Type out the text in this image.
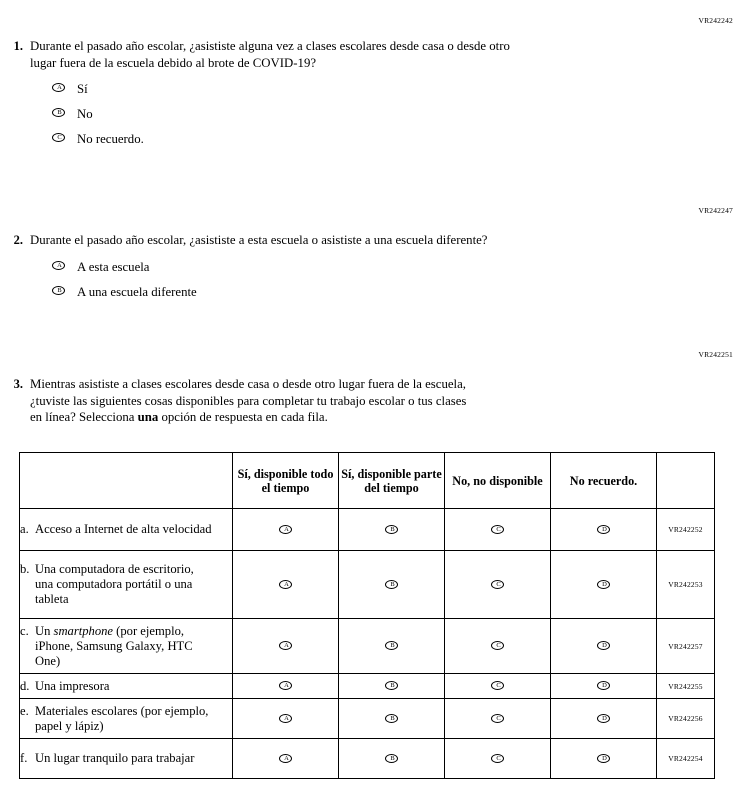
VR242242
1. Durante el pasado año escolar, ¿asististe alguna vez a clases escolares desde casa o desde otro
lugar fuera de la escuela debido al brote de COVID-19?
A	Sí
B	No
C	No recuerdo.
VR242247
2. Durante el pasado año escolar, ¿asististe a esta escuela o asististe a una escuela diferente?
A	A esta escuela
B	A una escuela diferente
VR242251
3. Mientras asististe a clases escolares desde casa o desde otro lugar fuera de la escuela,
¿tuviste las siguientes cosas disponibles para completar tu trabajo escolar o tus clases
en línea? Selecciona una opción de respuesta en cada fila.
	Sí, disponible todo el tiempo	Sí, disponible parte del tiempo	No, no disponible	No recuerdo.	
a. Acceso a Internet de alta velocidad	A	B	C	D	VR242252
b. Una computadora de escritorio, una computadora portátil o una tableta	A	B	C	D	VR242253
c. Un smartphone (por ejemplo, iPhone, Samsung Galaxy, HTC One)	A	B	C	D	VR242257
d. Una impresora	A	B	C	D	VR242255
e. Materiales escolares (por ejemplo, papel y lápiz)	A	B	C	D	VR242256
f. Un lugar tranquilo para trabajar	A	B	C	D	VR242254
